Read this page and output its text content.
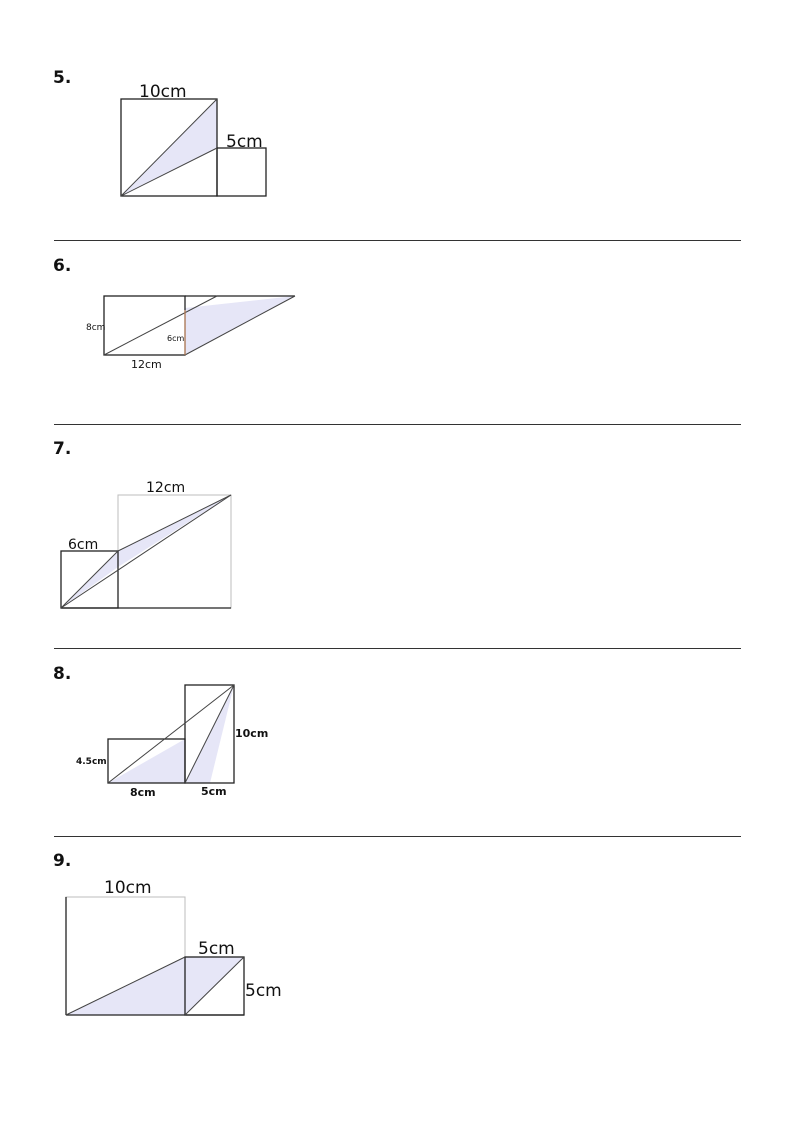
5.
10cm
5cm
6.
8cm
6cm
12cm
7.
12cm
6cm
8.
10cm
4.5cm
8cm	5cm
9.
10cm
5cm
5cm
